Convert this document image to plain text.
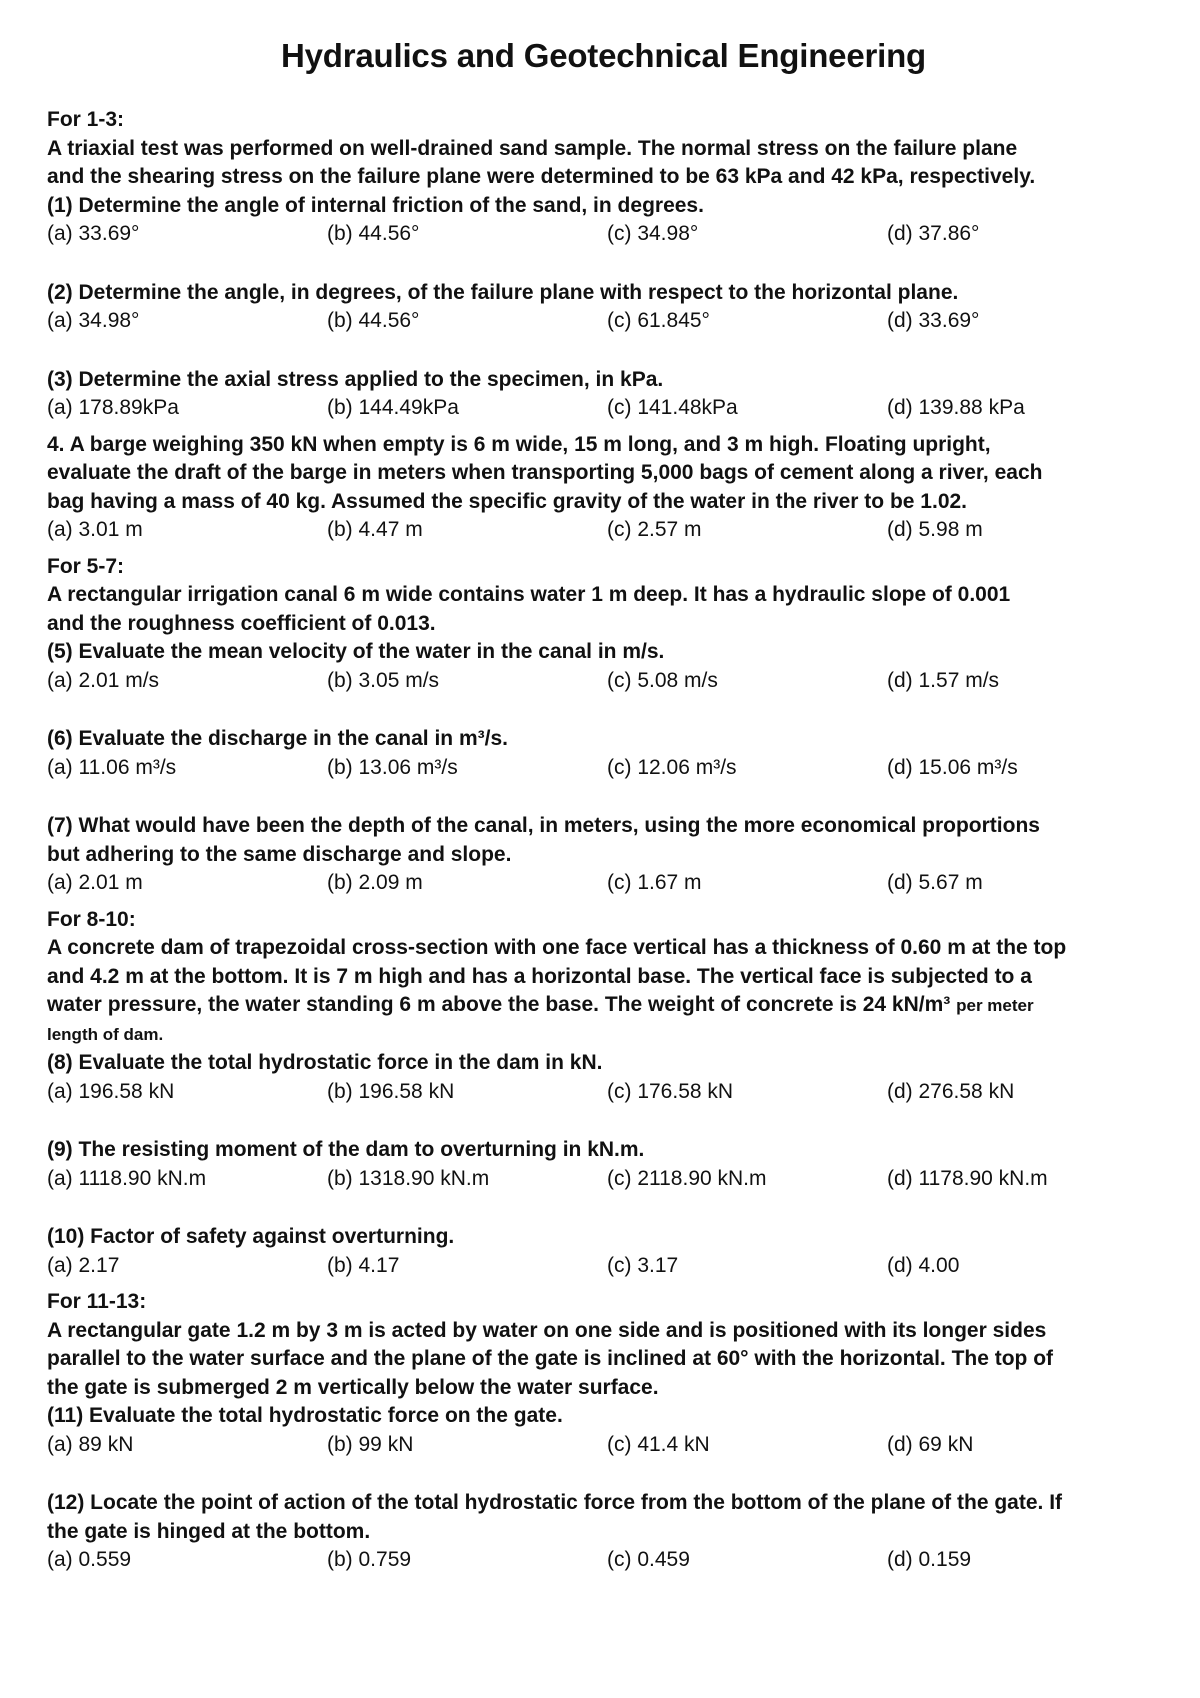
Hydraulics and Geotechnical Engineering
For 1-3:
A triaxial test was performed on well-drained sand sample. The normal stress on the failure plane
and the shearing stress on the failure plane were determined to be 63 kPa and 42 kPa, respectively.
(1) Determine the angle of internal friction of the sand, in degrees.
(a) 33.69°	(b) 44.56°	(c) 34.98°	(d) 37.86°
(2) Determine the angle, in degrees, of the failure plane with respect to the horizontal plane.
(a) 34.98°	(b) 44.56°	(c) 61.845°	(d) 33.69°
(3) Determine the axial stress applied to the specimen, in kPa.
(a) 178.89kPa	(b) 144.49kPa	(c) 141.48kPa	(d) 139.88 kPa
4. A barge weighing 350 kN when empty is 6 m wide, 15 m long, and 3 m high. Floating upright,
evaluate the draft of the barge in meters when transporting 5,000 bags of cement along a river, each
bag having a mass of 40 kg. Assumed the specific gravity of the water in the river to be 1.02.
(a) 3.01 m	(b) 4.47 m	(c) 2.57 m	(d) 5.98 m
For 5-7:
A rectangular irrigation canal 6 m wide contains water 1 m deep. It has a hydraulic slope of 0.001
and the roughness coefficient of 0.013.
(5) Evaluate the mean velocity of the water in the canal in m/s.
(a) 2.01 m/s	(b) 3.05 m/s	(c) 5.08 m/s	(d) 1.57 m/s
(6) Evaluate the discharge in the canal in m³/s.
(a) 11.06 m³/s	(b) 13.06 m³/s	(c) 12.06 m³/s	(d) 15.06 m³/s
(7) What would have been the depth of the canal, in meters, using the more economical proportions
but adhering to the same discharge and slope.
(a) 2.01 m	(b) 2.09 m	(c) 1.67 m	(d) 5.67 m
For 8-10:
A concrete dam of trapezoidal cross-section with one face vertical has a thickness of 0.60 m at the top
and 4.2 m at the bottom. It is 7 m high and has a horizontal base. The vertical face is subjected to a
water pressure, the water standing 6 m above the base. The weight of concrete is 24 kN/m³ per meter
length of dam.
(8) Evaluate the total hydrostatic force in the dam in kN.
(a) 196.58 kN	(b) 196.58 kN	(c) 176.58 kN	(d) 276.58 kN
(9) The resisting moment of the dam to overturning in kN.m.
(a) 1118.90 kN.m	(b) 1318.90 kN.m	(c) 2118.90 kN.m	(d) 1178.90 kN.m
(10) Factor of safety against overturning.
(a) 2.17	(b) 4.17	(c) 3.17	(d) 4.00
For 11-13:
A rectangular gate 1.2 m by 3 m is acted by water on one side and is positioned with its longer sides
parallel to the water surface and the plane of the gate is inclined at 60° with the horizontal. The top of
the gate is submerged 2 m vertically below the water surface.
(11) Evaluate the total hydrostatic force on the gate.
(a) 89 kN	(b) 99 kN	(c) 41.4 kN	(d) 69 kN
(12) Locate the point of action of the total hydrostatic force from the bottom of the plane of the gate. If
the gate is hinged at the bottom.
(a) 0.559	(b) 0.759	(c) 0.459	(d) 0.159
